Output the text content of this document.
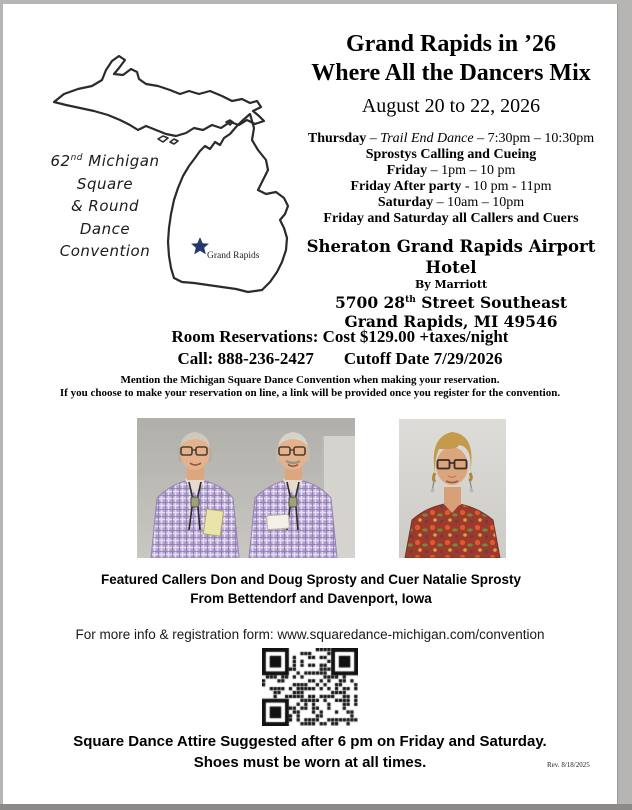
Grand Rapids
62nd Michigan
Square
& Round
Dance
Convention
Grand Rapids in ’26
Where All the Dancers Mix
August 20 to 22, 2026
Thursday – Trail End Dance – 7:30pm – 10:30pm
Sprostys Calling and Cueing
Friday – 1pm – 10 pm
Friday After party - 10 pm - 11pm
Saturday – 10am – 10pm
Friday and Saturday all Callers and Cuers
Sheraton Grand Rapids Airport Hotel
By Marriott
5700 28th Street Southeast
Grand Rapids, MI 49546
Room Reservations: Cost $129.00 +taxes/night
Call: 888-236-2427 Cutoff Date 7/29/2026
Mention the Michigan Square Dance Convention when making your reservation.
If you choose to make your reservation on line, a link will be provided once you register for the convention.
Featured Callers Don and Doug Sprosty and Cuer Natalie Sprosty
From Bettendorf and Davenport, Iowa
For more info & registration form: www.squaredance-michigan.com/convention
Square Dance Attire Suggested after 6 pm on Friday and Saturday.
Shoes must be worn at all times.	Rev. 8/18/2025
